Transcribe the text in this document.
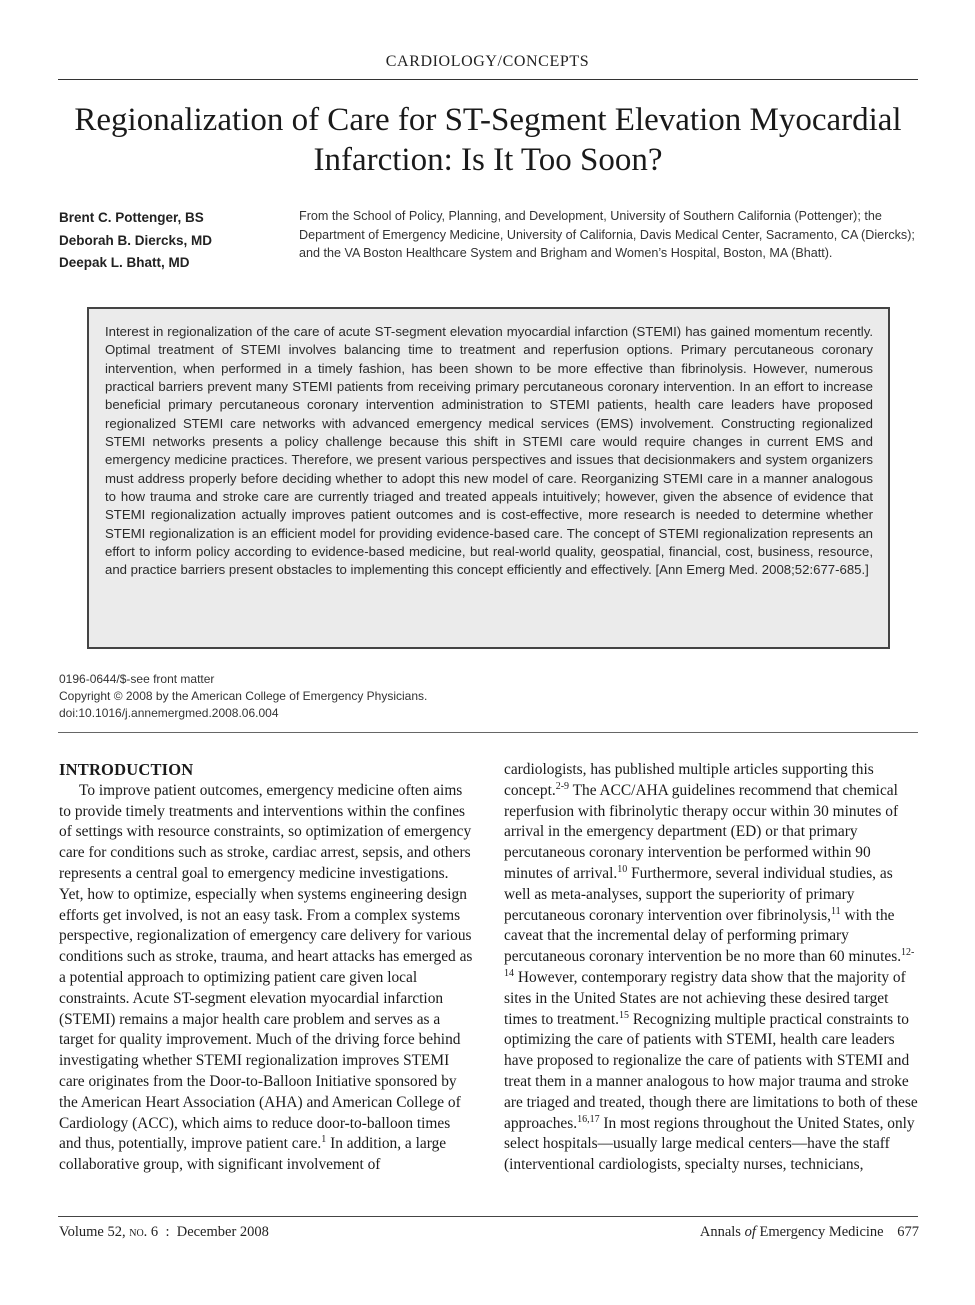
CARDIOLOGY/CONCEPTS
Regionalization of Care for ST-Segment Elevation Myocardial
Infarction: Is It Too Soon?
Brent C. Pottenger, BS
Deborah B. Diercks, MD
Deepak L. Bhatt, MD
From the School of Policy, Planning, and Development, University of Southern California (Pottenger); the Department of Emergency Medicine, University of California, Davis Medical Center, Sacramento, CA (Diercks); and the VA Boston Healthcare System and Brigham and Women’s Hospital, Boston, MA (Bhatt).

Interest in regionalization of the care of acute ST-segment elevation myocardial infarction (STEMI) has gained momentum recently. Optimal treatment of STEMI involves balancing time to treatment and reperfusion options. Primary percutaneous coronary intervention, when performed in a timely fashion, has been shown to be more effective than fibrinolysis. However, numerous practical barriers prevent many STEMI patients from receiving primary percutaneous coronary intervention. In an effort to increase beneficial primary percutaneous coronary intervention administration to STEMI patients, health care leaders have proposed regionalized STEMI care networks with advanced emergency medical services (EMS) involvement. Constructing regionalized STEMI networks presents a policy challenge because this shift in STEMI care would require changes in current EMS and emergency medicine practices. Therefore, we present various perspectives and issues that decisionmakers and system organizers must address properly before deciding whether to adopt this new model of care. Reorganizing STEMI care in a manner analogous to how trauma and stroke care are currently triaged and treated appeals intuitively; however, given the absence of evidence that STEMI regionalization actually improves patient outcomes and is cost-effective, more research is needed to determine whether STEMI regionalization is an efficient model for providing evidence-based care. The concept of STEMI regionalization represents an effort to inform policy according to evidence-based medicine, but real-world quality, geospatial, financial, cost, business, resource, and practice barriers present obstacles to implementing this concept efficiently and effectively. [Ann Emerg Med. 2008;52:677-685.]

0196-0644/$-see front matter
Copyright © 2008 by the American College of Emergency Physicians.
doi:10.1016/j.annemergmed.2008.06.004
INTRODUCTION

To improve patient outcomes, emergency medicine often aims to provide timely treatments and interventions within the confines of settings with resource constraints, so optimization of emergency care for conditions such as stroke, cardiac arrest, sepsis, and others represents a central goal to emergency medicine investigations. Yet, how to optimize, especially when systems engineering design efforts get involved, is not an easy task. From a complex systems perspective, regionalization of emergency care delivery for various conditions such as stroke, trauma, and heart attacks has emerged as a potential approach to optimizing patient care given local constraints. Acute ST-segment elevation myocardial infarction (STEMI) remains a major health care problem and serves as a target for quality improvement. Much of the driving force behind investigating whether STEMI regionalization improves STEMI care originates from the Door-to-Balloon Initiative sponsored by the American Heart Association (AHA) and American College of Cardiology (ACC), which aims to reduce door-to-balloon times and thus, potentially, improve patient care.$^1$ In addition, a large collaborative group, with significant involvement of

cardiologists, has published multiple articles supporting this concept.$^{2-9}$ The ACC/AHA guidelines recommend that chemical reperfusion with fibrinolytic therapy occur within 30 minutes of arrival in the emergency department (ED) or that primary percutaneous coronary intervention be performed within 90 minutes of arrival.$^{10}$ Furthermore, several individual studies, as well as meta-analyses, support the superiority of primary percutaneous coronary intervention over fibrinolysis,$^{11}$ with the caveat that the incremental delay of performing primary percutaneous coronary intervention be no more than 60 minutes.$^{12-14}$ However, contemporary registry data show that the majority of sites in the United States are not achieving these desired target times to treatment.$^{15}$ Recognizing multiple practical constraints to optimizing the care of patients with STEMI, health care leaders have proposed to regionalize the care of patients with STEMI and treat them in a manner analogous to how major trauma and stroke are triaged and treated, though there are limitations to both of these approaches.$^{16,17}$ In most regions throughout the United States, only select hospitals—usually large medical centers—have the staff (interventional cardiologists, specialty nurses, technicians,

Volume 52, no. 6 : December 2008	Annals of Emergency Medicine 677
